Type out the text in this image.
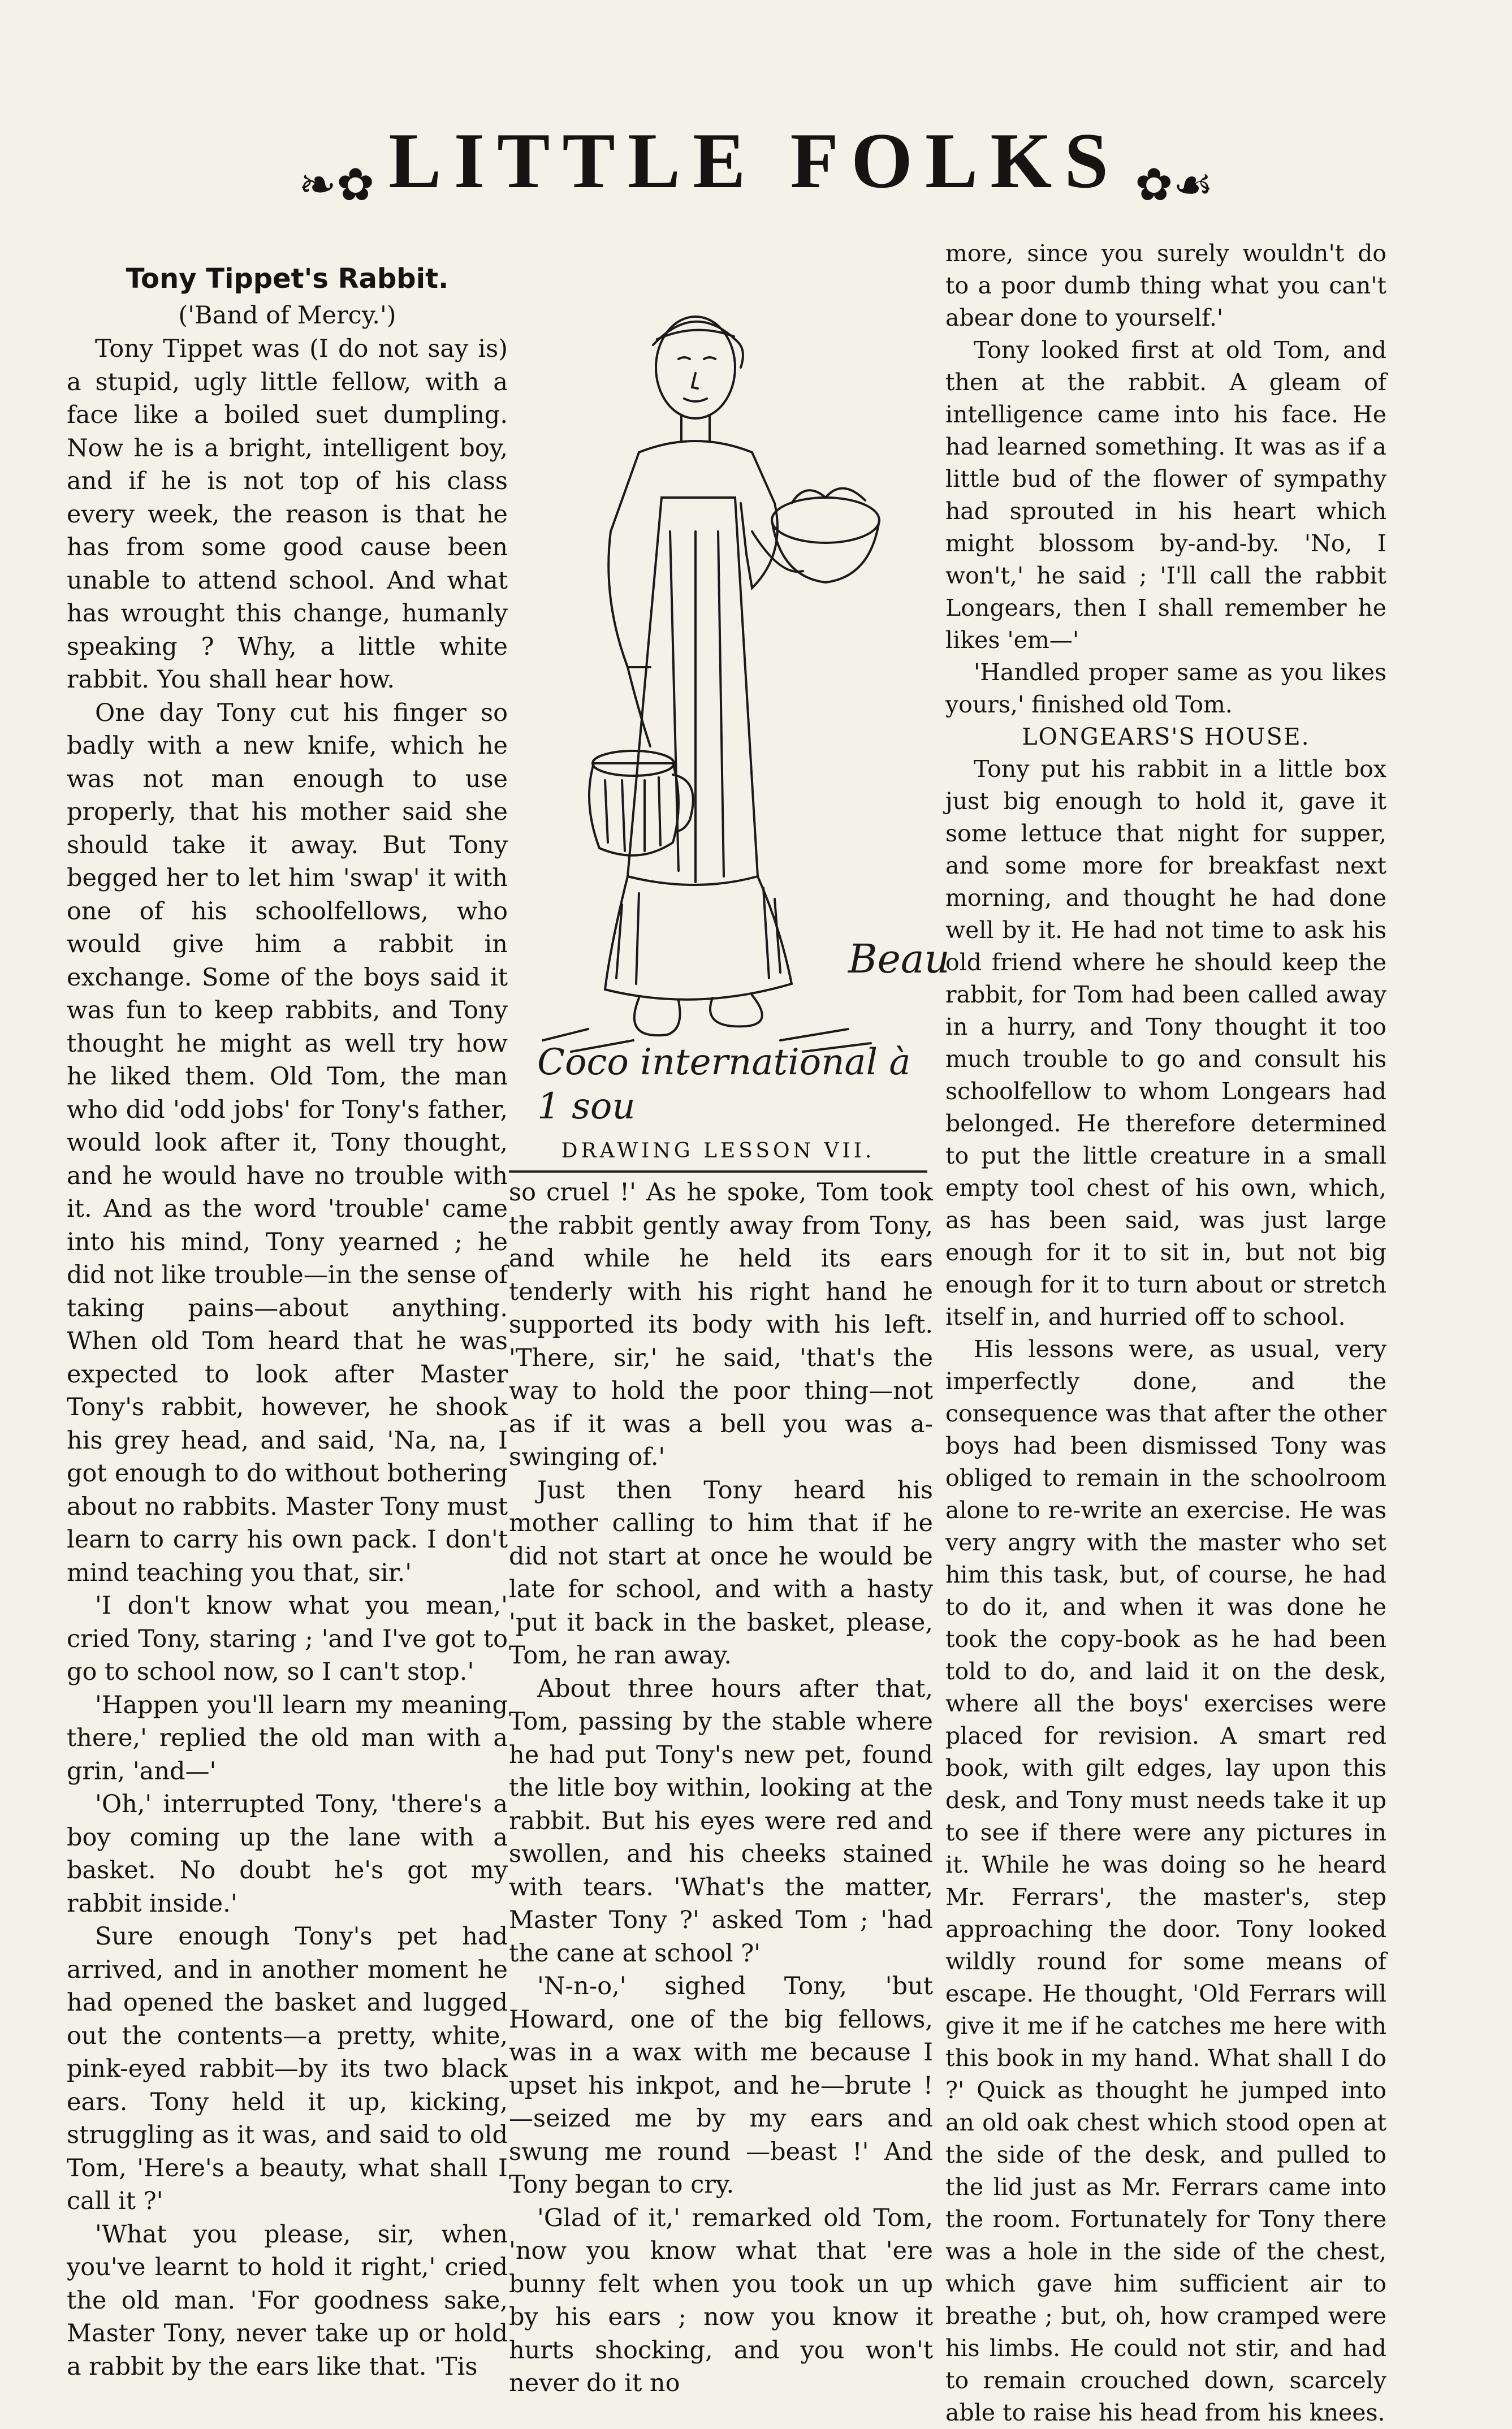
❧✿ LITTLE FOLKS ✿☙
Tony Tippet's Rabbit.
('Band of Mercy.')

Tony Tippet was (I do not say is) a stupid, ugly little fellow, with a face like a boiled suet dumpling. Now he is a bright, intelligent boy, and if he is not top of his class every week, the reason is that he has from some good cause been unable to attend school. And what has wrought this change, humanly speaking ? Why, a little white rabbit. You shall hear how.

One day Tony cut his finger so badly with a new knife, which he was not man enough to use properly, that his mother said she should take it away. But Tony begged her to let him 'swap' it with one of his schoolfellows, who would give him a rabbit in exchange. Some of the boys said it was fun to keep rabbits, and Tony thought he might as well try how he liked them. Old Tom, the man who did 'odd jobs' for Tony's father, would look after it, Tony thought, and he would have no trouble with it. And as the word 'trouble' came into his mind, Tony yearned ; he did not like trouble—in the sense of taking pains—about anything. When old Tom heard that he was expected to look after Master Tony's rabbit, however, he shook his grey head, and said, 'Na, na, I got enough to do without bothering about no rabbits. Master Tony must learn to carry his own pack. I don't mind teaching you that, sir.'

'I don't know what you mean,' cried Tony, staring ; 'and I've got to go to school now, so I can't stop.'

'Happen you'll learn my meaning there,' replied the old man with a grin, 'and—'

'Oh,' interrupted Tony, 'there's a boy coming up the lane with a basket. No doubt he's got my rabbit inside.'

Sure enough Tony's pet had arrived, and in another moment he had opened the basket and lugged out the contents—a pretty, white, pink-eyed rabbit—by its two black ears. Tony held it up, kicking, struggling as it was, and said to old Tom, 'Here's a beauty, what shall I call it ?'

'What you please, sir, when you've learnt to hold it right,' cried the old man. 'For goodness sake, Master Tony, never take up or hold a rabbit by the ears like that. 'Tis

Beau
Coco international à 1 sou
DRAWING LESSON VII.

so cruel !' As he spoke, Tom took the rabbit gently away from Tony, and while he held its ears tenderly with his right hand he supported its body with his left. 'There, sir,' he said, 'that's the way to hold the poor thing—not as if it was a bell you was a-swinging of.'

Just then Tony heard his mother calling to him that if he did not start at once he would be late for school, and with a hasty 'put it back in the basket, please, Tom, he ran away.

About three hours after that, Tom, passing by the stable where he had put Tony's new pet, found the litle boy within, looking at the rabbit. But his eyes were red and swollen, and his cheeks stained with tears. 'What's the matter, Master Tony ?' asked Tom ; 'had the cane at school ?'

'N-n-o,' sighed Tony, 'but Howard, one of the big fellows, was in a wax with me because I upset his inkpot, and he—brute !—seized me by my ears and swung me round —beast !' And Tony began to cry.

'Glad of it,' remarked old Tom, 'now you know what that 'ere bunny felt when you took un up by his ears ; now you know it hurts shocking, and you won't never do it no

more, since you surely wouldn't do to a poor dumb thing what you can't abear done to yourself.'

Tony looked first at old Tom, and then at the rabbit. A gleam of intelligence came into his face. He had learned something. It was as if a little bud of the flower of sympathy had sprouted in his heart which might blossom by-and-by. 'No, I won't,' he said ; 'I'll call the rabbit Longears, then I shall remember he likes 'em—'

'Handled proper same as you likes yours,' finished old Tom.

LONGEARS'S HOUSE.

Tony put his rabbit in a little box just big enough to hold it, gave it some lettuce that night for supper, and some more for breakfast next morning, and thought he had done well by it. He had not time to ask his old friend where he should keep the rabbit, for Tom had been called away in a hurry, and Tony thought it too much trouble to go and consult his schoolfellow to whom Longears had belonged. He therefore determined to put the little creature in a small empty tool chest of his own, which, as has been said, was just large enough for it to sit in, but not big enough for it to turn about or stretch itself in, and hurried off to school.

His lessons were, as usual, very imperfectly done, and the consequence was that after the other boys had been dismissed Tony was obliged to remain in the schoolroom alone to re-write an exercise. He was very angry with the master who set him this task, but, of course, he had to do it, and when it was done he took the copy-book as he had been told to do, and laid it on the desk, where all the boys' exercises were placed for revision. A smart red book, with gilt edges, lay upon this desk, and Tony must needs take it up to see if there were any pictures in it. While he was doing so he heard Mr. Ferrars', the master's, step approaching the door. Tony looked wildly round for some means of escape. He thought, 'Old Ferrars will give it me if he catches me here with this book in my hand. What shall I do ?' Quick as thought he jumped into an old oak chest which stood open at the side of the desk, and pulled to the lid just as Mr. Ferrars came into the room. Fortunately for Tony there was a hole in the side of the chest, which gave him sufficient air to breathe ; but, oh, how cramped were his limbs. He could not stir, and had to remain crouched down, scarcely able to raise his head from his knees.
